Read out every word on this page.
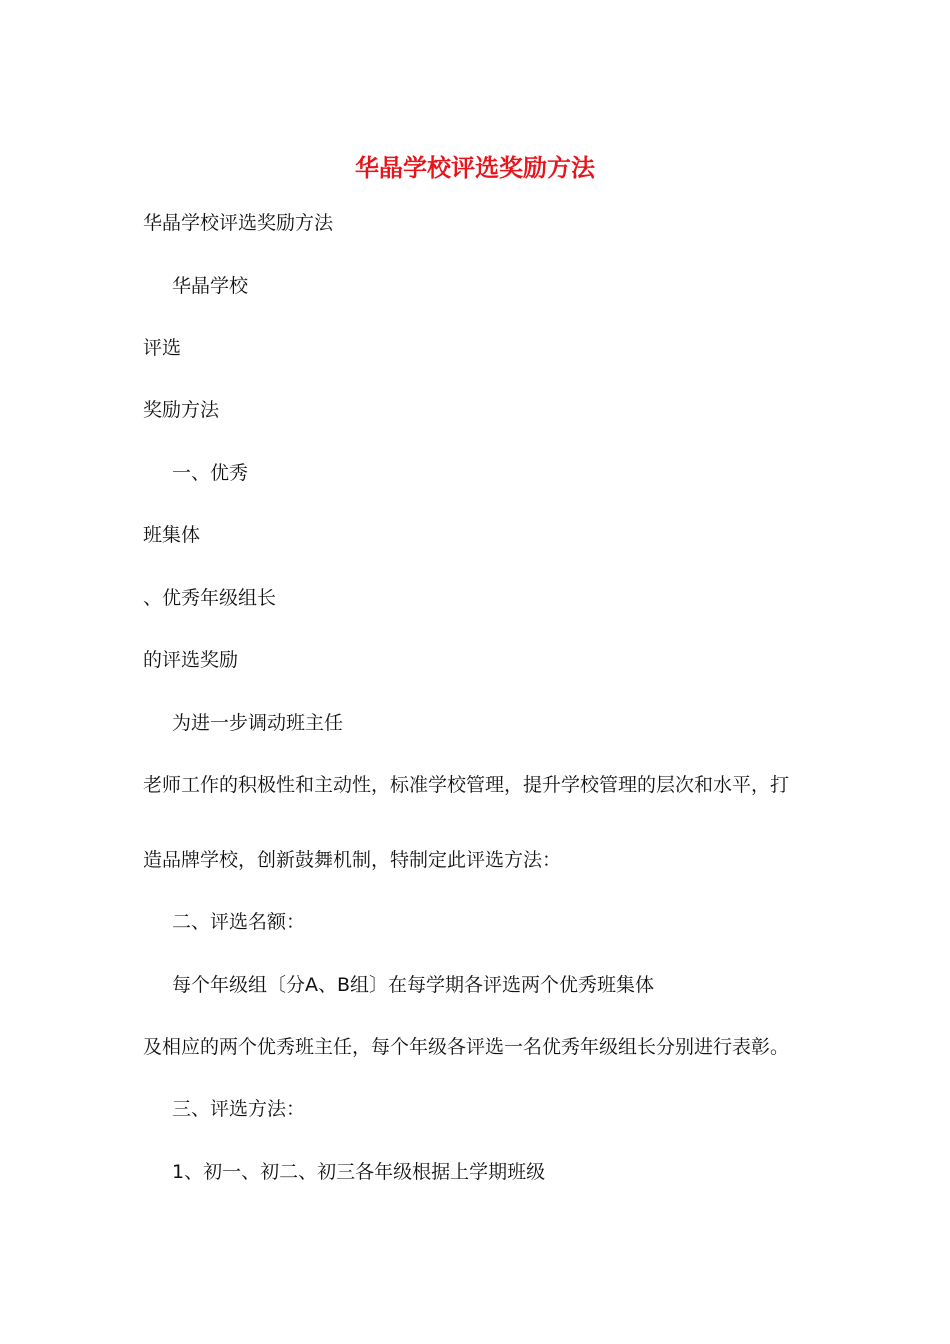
华晶学校评选奖励方法
华晶学校评选奖励方法
华晶学校
评选
奖励方法
一、优秀
班集体
、优秀年级组长
的评选奖励
为进一步调动班主任
老师工作的积极性和主动性，标准学校管理，提升学校管理的层次和水平，打
造品牌学校，创新鼓舞机制，特制定此评选方法：
二、评选名额：
每个年级组〔分A、B组〕在每学期各评选两个优秀班集体
及相应的两个优秀班主任，每个年级各评选一名优秀年级组长分别进行表彰。
三、评选方法：
1、初一、初二、初三各年级根据上学期班级
